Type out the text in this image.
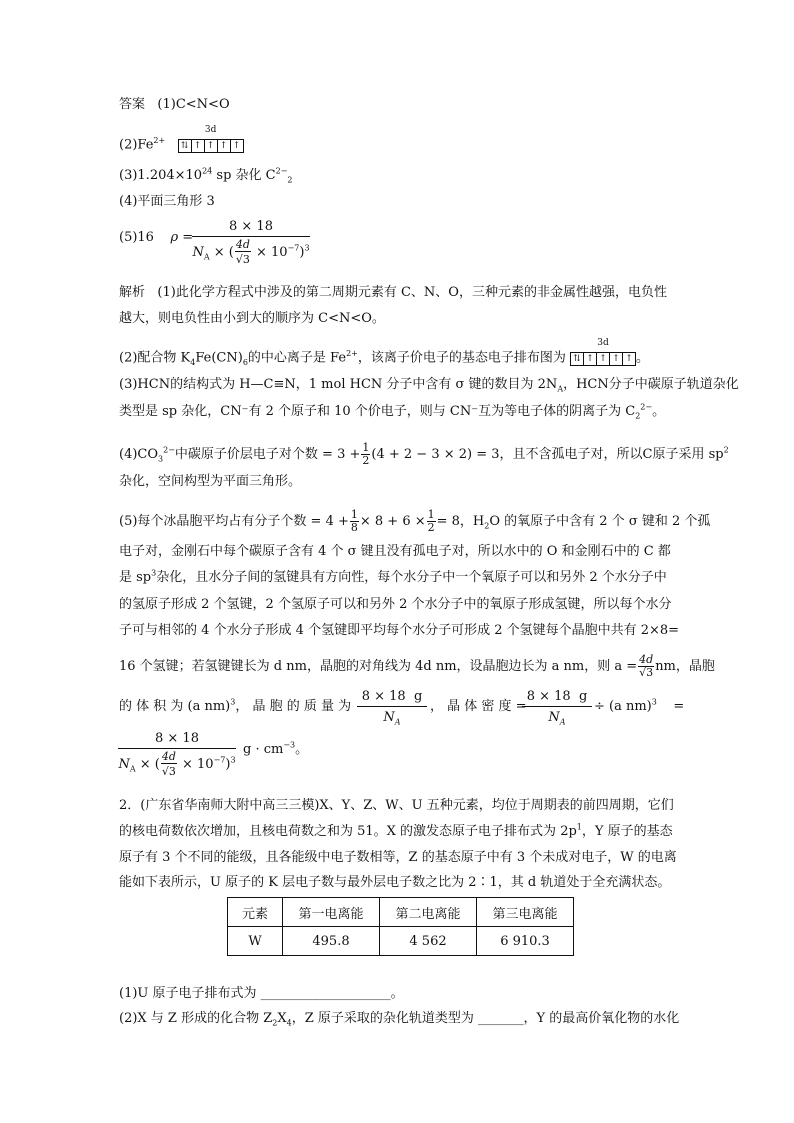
答案 (1)C<N<O
$(2)Fe^{2+}$
3d
⇅ ↑ ↑ ↑ ↑
$(3)1.204\times 10^{24}$ sp 杂化 $C^{2-}_2$
(4)平面三角形 3
(5)16 ρ =
8 × 18
$N_A$ × ( $\frac{4d}{√3} \times 10^{-7})^3$
解析 (1)此化学方程式中涉及的第二周期元素有 C、N、O，三种元素的非金属性越强，电负性
越大，则电负性由小到大的顺序为 C<N<O。
(2)配合物 $K_4Fe(CN)_6$的中心离子是 $Fe^{2+}$，该离子价电子的基态电子排布图为
3d
⇅ ↑ ↑ ↑ ↑ 。
(3)HCN的结构式为 H—C≡N，1 mol HCN 分子中含有 σ 键的数目为 $2N_A$，HCN分子中碳原子轨道杂化
类型是 sp 杂化，CN⁻有 2 个原子和 10 个价电子，则与 CN⁻互为等电子体的阴离子为 $C_2^{2-}$。
$(4)CO_3^{2-}$中碳原子价层电子对个数 = $3 + \frac{1}{2} (4 + 2 - 3 \times 2) = 3$，且不含孤电子对，所以C原子采用 $sp^2$
杂化，空间构型为平面三角形。
(5)每个冰晶胞平均占有分子个数 = $4 + \frac{1}{8} \times 8 + 6 \times \frac{1}{2} = 8$，$H_2O$ 的氧原子中含有 2 个 σ 键和 2 个孤
电子对，金刚石中每个碳原子含有 4 个 σ 键且没有孤电子对，所以水中的 O 和金刚石中的 C 都
是 $sp^3$杂化，且水分子间的氢键具有方向性，每个水分子中一个氧原子可以和另外 2 个水分子中
的氢原子形成 2 个氢键，2 个氢原子可以和另外 2 个水分子中的氧原子形成氢键，所以每个水分
子可与相邻的 4 个水分子形成 4 个氢键即平均每个水分子可形成 2 个氢键每个晶胞中共有 2×8=
16 个氢键；若氢键键长为 d nm，晶胞的对角线为 4d nm，设晶胞边长为 a nm，则 $a = \frac{4d}{√3}$ nm，晶胞
的 体 积 为 (a nm)$^3$， 晶 胞 的 质 量 为
8 × 18 g
$N_A$
， 晶 体 密 度 =
8 × 18 g
$N_A$
÷ (a nm)$^3$ =
8 × 18
$N_A$ × ( $\frac{4d}{√3} \times 10^{-7})^3$
$g \cdot cm^{-3}$。
2．(广东省华南师大附中高三三模)X、Y、Z、W、U 五种元素，均位于周期表的前四周期，它们
的核电荷数依次增加，且核电荷数之和为 51。X 的激发态原子电子排布式为 $2p^1$，Y 原子的基态
原子有 3 个不同的能级，且各能级中电子数相等，Z 的基态原子中有 3 个未成对电子，W 的电离
能如下表所示，U 原子的 K 层电子数与最外层电子数之比为 2∶1，其 d 轨道处于全充满状态。
元素	第一电离能	第二电离能	第三电离能
W	495.8	4 562	6 910.3
(1)U 原子电子排布式为 ____________________。
(2)X 与 Z 形成的化合物 $Z_2X_4$，Z 原子采取的杂化轨道类型为 _______，Y 的最高价氧化物的水化
